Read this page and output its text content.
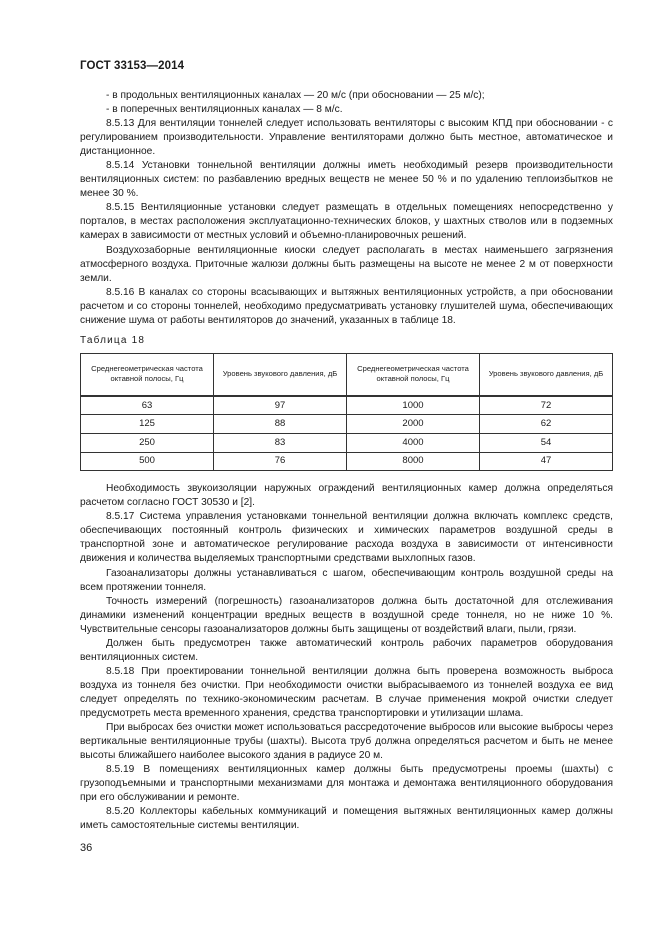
ГОСТ 33153—2014

- в продольных вентиляционных каналах — 20 м/с (при обосновании — 25 м/с);

- в поперечных вентиляционных каналах — 8 м/с.

8.5.13 Для вентиляции тоннелей следует использовать вентиляторы с высоким КПД при обосновании - с регулированием производительности. Управление вентиляторами должно быть местное, автоматическое и дистанционное.

8.5.14 Установки тоннельной вентиляции должны иметь необходимый резерв производительности вентиляционных систем: по разбавлению вредных веществ не менее 50 % и по удалению теплоизбытков не менее 30 %.

8.5.15 Вентиляционные установки следует размещать в отдельных помещениях непосредственно у порталов, в местах расположения эксплуатационно-технических блоков, у шахтных стволов или в подземных камерах в зависимости от местных условий и объемно-планировочных решений.

Воздухозаборные вентиляционные киоски следует располагать в местах наименьшего загрязнения атмосферного воздуха. Приточные жалюзи должны быть размещены на высоте не менее 2 м от поверхности земли.

8.5.16 В каналах со стороны всасывающих и вытяжных вентиляционных устройств, а при обосновании расчетом и со стороны тоннелей, необходимо предусматривать установку глушителей шума, обеспечивающих снижение шума от работы вентиляторов до значений, указанных в таблице 18.

Таблица 18

Среднегеометрическая частота октавной полосы, Гц	Уровень звукового давления, дБ	Среднегеометрическая частота октавной полосы, Гц	Уровень звукового давления, дБ
63	97	1000	72
125	88	2000	62
250	83	4000	54
500	76	8000	47

Необходимость звукоизоляции наружных ограждений вентиляционных камер должна определяться расчетом согласно ГОСТ 30530 и [2].

8.5.17 Система управления установками тоннельной вентиляции должна включать комплекс средств, обеспечивающих постоянный контроль физических и химических параметров воздушной среды в транспортной зоне и автоматическое регулирование расхода воздуха в зависимости от интенсивности движения и количества выделяемых транспортными средствами выхлопных газов.

Газоанализаторы должны устанавливаться с шагом, обеспечивающим контроль воздушной среды на всем протяжении тоннеля.

Точность измерений (погрешность) газоанализаторов должна быть достаточной для отслеживания динамики изменений концентрации вредных веществ в воздушной среде тоннеля, но не ниже 10 %. Чувствительные сенсоры газоанализаторов должны быть защищены от воздействий влаги, пыли, грязи.

Должен быть предусмотрен также автоматический контроль рабочих параметров оборудования вентиляционных систем.

8.5.18 При проектировании тоннельной вентиляции должна быть проверена возможность выброса воздуха из тоннеля без очистки. При необходимости очистки выбрасываемого из тоннелей воздуха ее вид следует определять по технико-экономическим расчетам. В случае применения мокрой очистки следует предусмотреть места временного хранения, средства транспортировки и утилизации шлама.

При выбросах без очистки может использоваться рассредоточение выбросов или высокие выбросы через вертикальные вентиляционные трубы (шахты). Высота труб должна определяться расчетом и быть не менее высоты ближайшего наиболее высокого здания в радиусе 20 м.

8.5.19 В помещениях вентиляционных камер должны быть предусмотрены проемы (шахты) с грузоподъемными и транспортными механизмами для монтажа и демонтажа вентиляционного оборудования при его обслуживании и ремонте.

8.5.20 Коллекторы кабельных коммуникаций и помещения вытяжных вентиляционных камер должны иметь самостоятельные системы вентиляции.

36
